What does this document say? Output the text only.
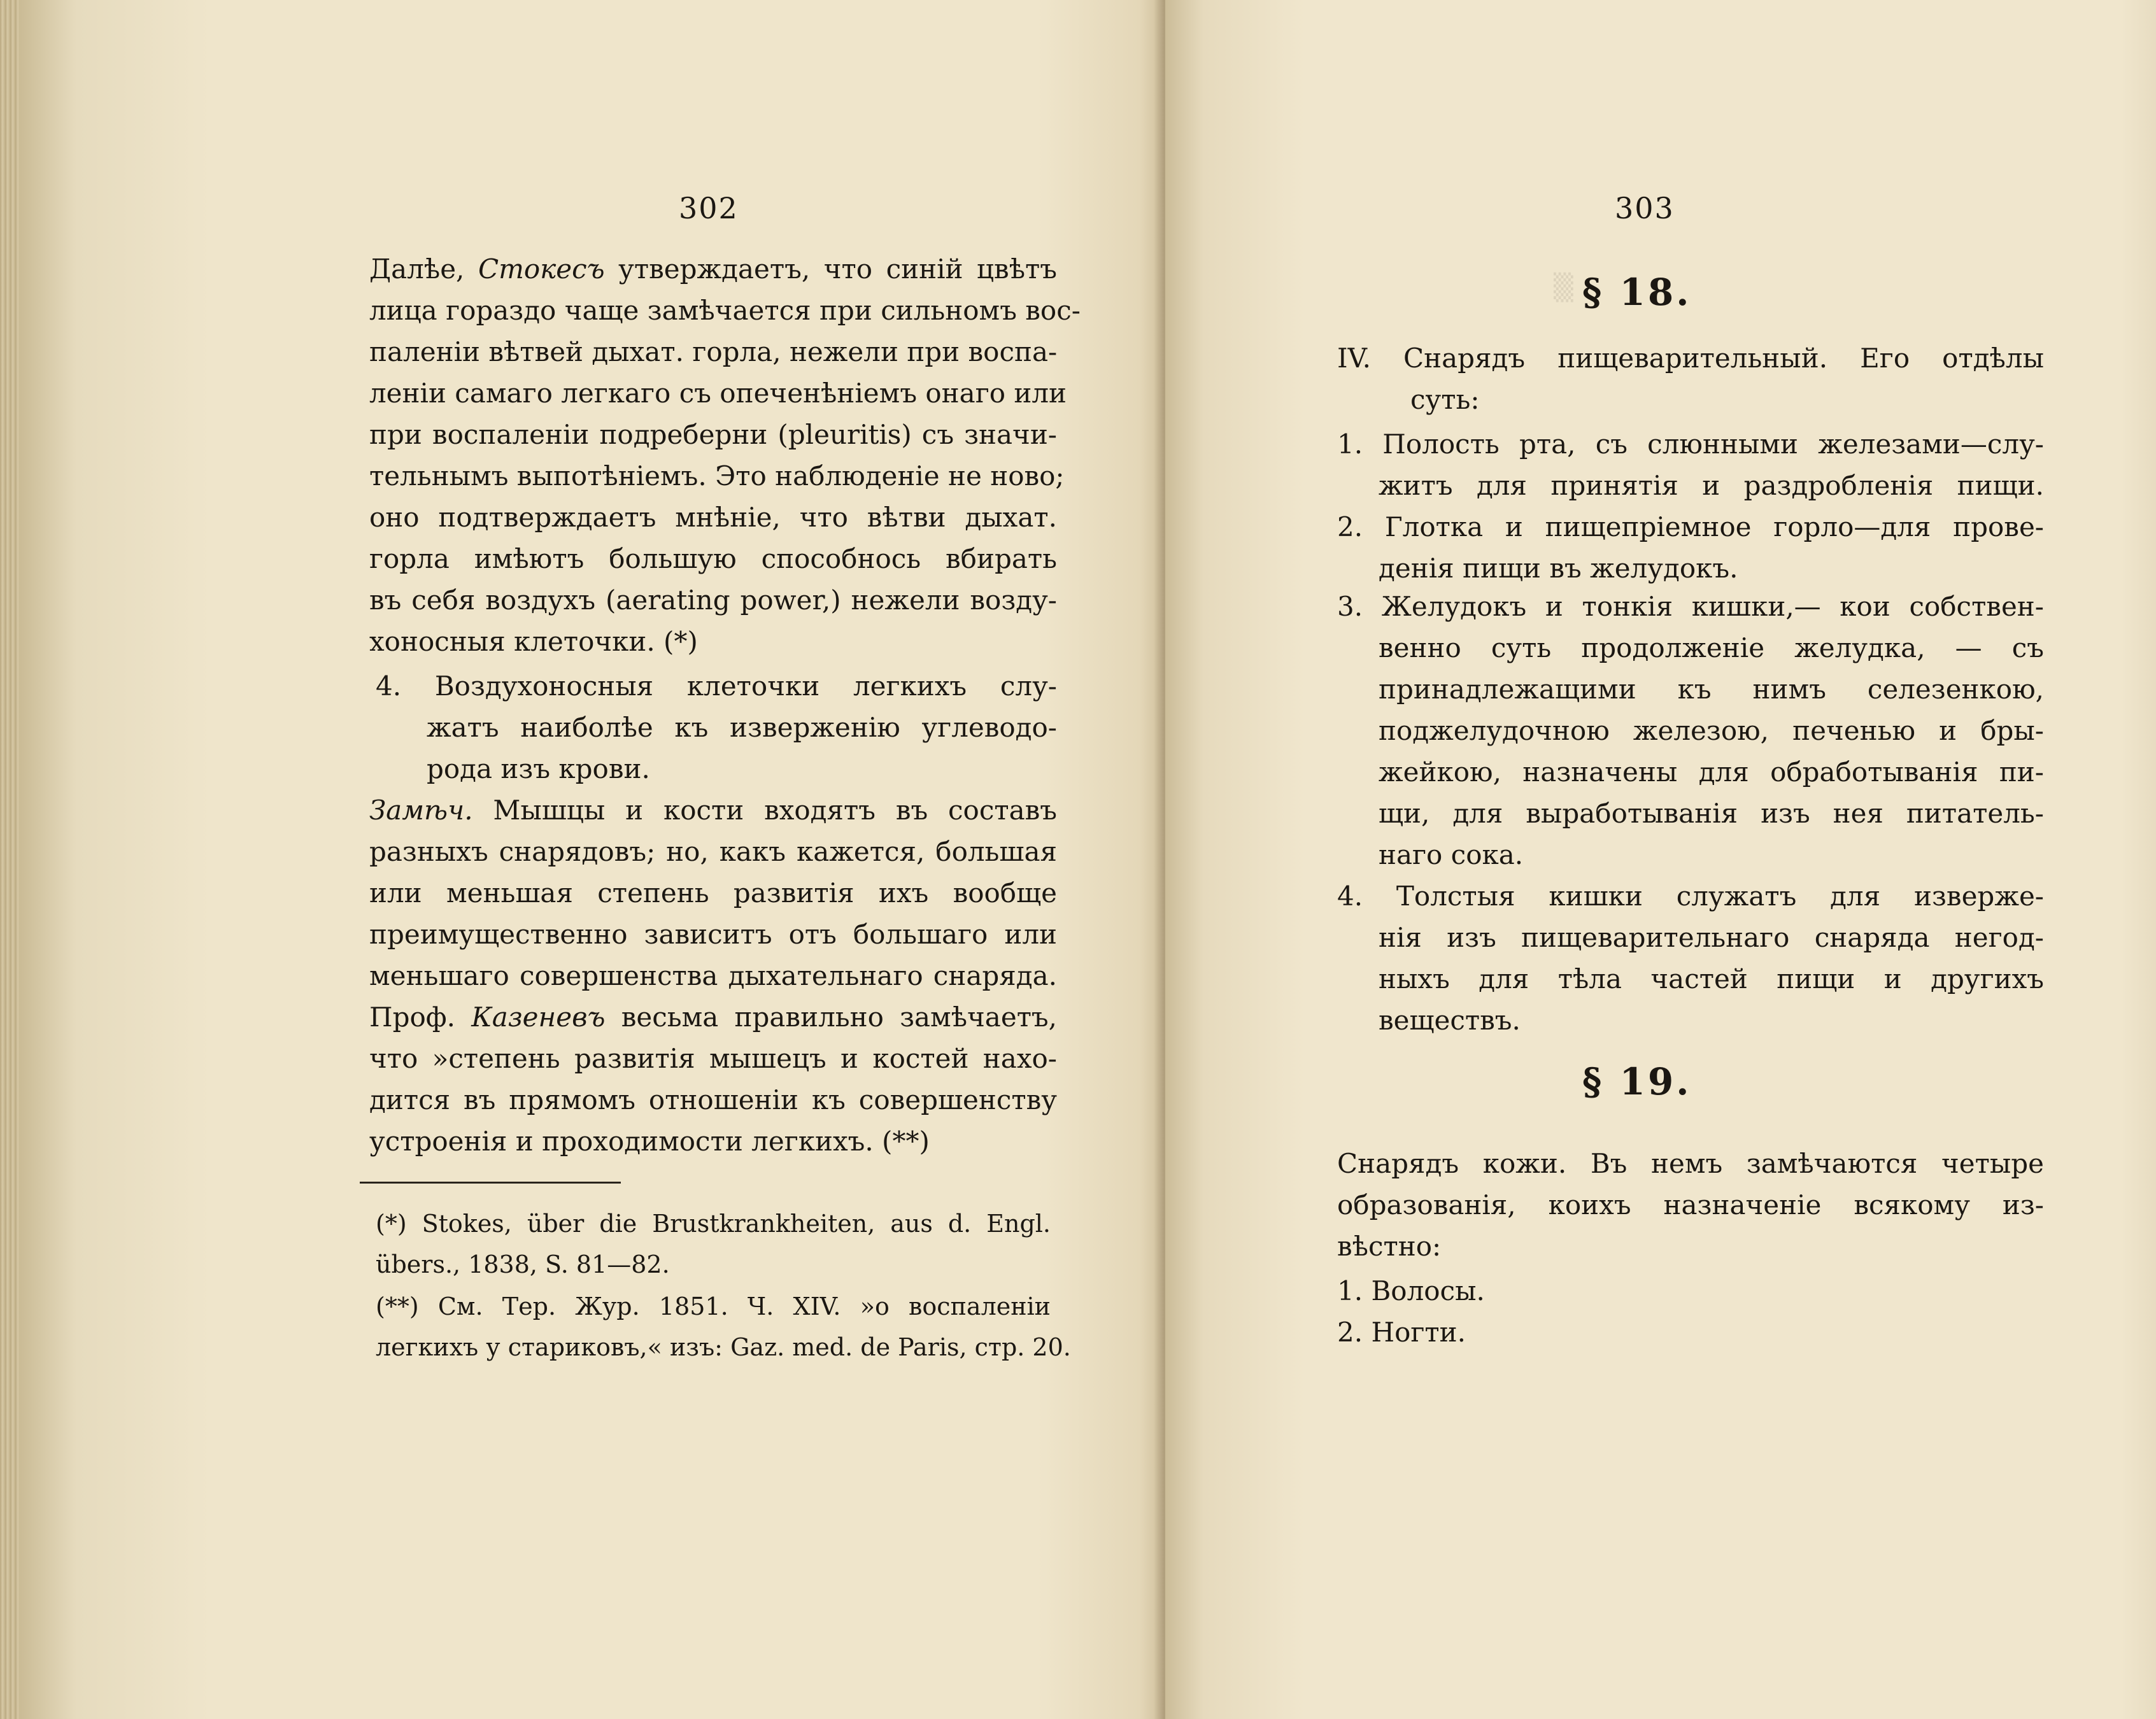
302
Далѣе, Стокесъ утверждаетъ, что синій цвѣтъ
лица гораздо чаще замѣчается при сильномъ вос-
паленіи вѣтвей дыхат. горла, нежели при воспа-
леніи самаго легкаго съ опеченѣніемъ онаго или
при воспаленіи подреберни (pleuritis) съ значи-
тельнымъ выпотѣніемъ. Это наблюденіе не ново;
оно подтверждаетъ мнѣніе, что вѣтви дыхат.
горла имѣютъ большую способнось вбирать
въ себя воздухъ (aerating power,) нежели возду-
хоносныя клеточки. (*)
4. Воздухоносныя клеточки легкихъ слу-
жатъ наиболѣе къ изверженію углеводо-
рода изъ крови.
Замѣч. Мышцы и кости входятъ въ составъ
разныхъ снарядовъ; но, какъ кажется, большая
или меньшая степень развитія ихъ вообще
преимущественно зависитъ отъ большаго или
меньшаго совершенства дыхательнаго снаряда.
Проф. Казеневъ весьма правильно замѣчаетъ,
что »степень развитія мышецъ и костей нахо-
дится въ прямомъ отношеніи къ совершенству
устроенія и проходимости легкихъ. (**)
(*) Stokes, über die Brustkrankheiten, aus d. Engl.
übers., 1838, S. 81—82.
(**) См. Тер. Жур. 1851. Ч. XIV. »о воспаленіи
легкихъ у стариковъ,« изъ: Gaz. med. de Paris, стр. 20.
▒
303
§ 18.
IV. Снарядъ пищеварительный. Его отдѣлы
суть:
1. Полость рта, съ слюнными железами—слу-
житъ для принятія и раздробленія пищи.
2. Глотка и пищепріемное горло—для прове-
денія пищи въ желудокъ.
3. Желудокъ и тонкія кишки,— кои собствен-
венно суть продолженіе желудка, — съ
принадлежащими къ нимъ селезенкою,
поджелудочною железою, печенью и бры-
жейкою, назначены для обработыванія пи-
щи, для выработыванія изъ нея питатель-
наго сока.
4. Толстыя кишки служатъ для изверже-
нія изъ пищеварительнаго снаряда негод-
ныхъ для тѣла частей пищи и другихъ
веществъ.
§ 19.
Снарядъ кожи. Въ немъ замѣчаются четыре
образованія, коихъ назначеніе всякому из-
вѣстно:
1. Волосы.
2. Ногти.
